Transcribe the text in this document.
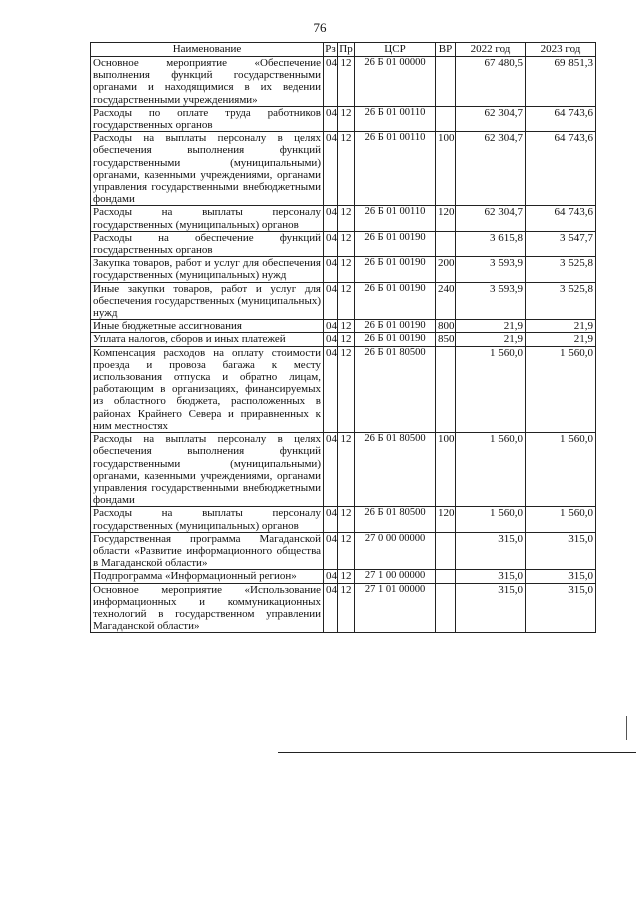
76
Наименование	Рз	Пр	ЦСР	ВР	2022 год	2023 год
Основное мероприятие «Обеспечение выполнения функций государственными органами и находящимися в их ведении государственными учреждениями»	04	12	26 Б 01 00000		67 480,5	69 851,3
Расходы по оплате труда работников государственных органов	04	12	26 Б 01 00110		62 304,7	64 743,6
Расходы на выплаты персоналу в целях обеспечения выполнения функций государственными (муниципальными) органами, казенными учреждениями, органами управления государственными внебюджетными фондами	04	12	26 Б 01 00110	100	62 304,7	64 743,6
Расходы на выплаты персоналу государственных (муниципальных) органов	04	12	26 Б 01 00110	120	62 304,7	64 743,6
Расходы на обеспечение функций государственных органов	04	12	26 Б 01 00190		3 615,8	3 547,7
Закупка товаров, работ и услуг для обеспечения государственных (муниципальных) нужд	04	12	26 Б 01 00190	200	3 593,9	3 525,8
Иные закупки товаров, работ и услуг для обеспечения государственных (муниципальных) нужд	04	12	26 Б 01 00190	240	3 593,9	3 525,8
Иные бюджетные ассигнования	04	12	26 Б 01 00190	800	21,9	21,9
Уплата налогов, сборов и иных платежей	04	12	26 Б 01 00190	850	21,9	21,9
Компенсация расходов на оплату стоимости проезда и провоза багажа к месту использования отпуска и обратно лицам, работающим в организациях, финансируемых из областного бюджета, расположенных в районах Крайнего Севера и приравненных к ним местностях	04	12	26 Б 01 80500		1 560,0	1 560,0
Расходы на выплаты персоналу в целях обеспечения выполнения функций государственными (муниципальными) органами, казенными учреждениями, органами управления государственными внебюджетными фондами	04	12	26 Б 01 80500	100	1 560,0	1 560,0
Расходы на выплаты персоналу государственных (муниципальных) органов	04	12	26 Б 01 80500	120	1 560,0	1 560,0
Государственная программа Магаданской области «Развитие информационного общества в Магаданской области»	04	12	27 0 00 00000		315,0	315,0
Подпрограмма «Информационный регион»	04	12	27 1 00 00000		315,0	315,0
Основное мероприятие «Использование информационных и коммуникационных технологий в государственном управлении Магаданской области»	04	12	27 1 01 00000		315,0	315,0
